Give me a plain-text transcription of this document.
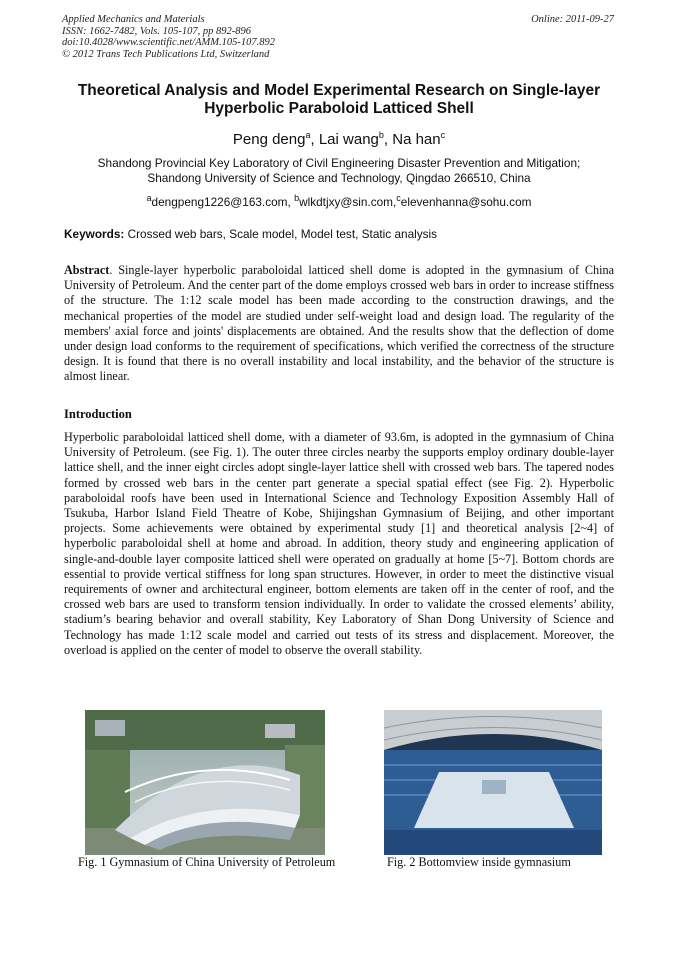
Applied Mechanics and Materials
ISSN: 1662-7482, Vols. 105-107, pp 892-896
doi:10.4028/www.scientific.net/AMM.105-107.892
© 2012 Trans Tech Publications Ltd, Switzerland
Online: 2011-09-27
Theoretical Analysis and Model Experimental Research on Single-layer
Hyperbolic Paraboloid Latticed Shell
Peng deng$^a$, Lai wang$^b$, Na han$^c$
Shandong Provincial Key Laboratory of Civil Engineering Disaster Prevention and Mitigation;
Shandong University of Science and Technology, Qingdao 266510, China
$^a$dengpeng1226@163.com, $^b$wlkdtjxy@sin.com,$^c$elevenhanna@sohu.com
Keywords: Crossed web bars, Scale model, Model test, Static analysis
Abstract. Single-layer hyperbolic paraboloidal latticed shell dome is adopted in the gymnasium of China University of Petroleum. And the center part of the dome employs crossed web bars in order to increase stiffness of the structure. The 1:12 scale model has been made according to the construction drawings, and the mechanical properties of the model are studied under self-weight load and design load. The regularity of the members' axial force and joints' displacements are obtained. And the results show that the deflection of dome under design load conforms to the requirement of specifications, which verified the correctness of the structure design. It is found that there is no overall instability and local instability, and the behavior of the structure is almost linear.
Introduction
Hyperbolic paraboloidal latticed shell dome, with a diameter of 93.6m, is adopted in the gymnasium of China University of Petroleum. (see Fig. 1). The outer three circles nearby the supports employ ordinary double-layer lattice shell, and the inner eight circles adopt single-layer lattice shell with crossed web bars. The tapered nodes formed by crossed web bars in the center part generate a special spatial effect (see Fig. 2). Hyperbolic paraboloidal roofs have been used in International Science and Technology Exposition Assembly Hall of Tsukuba, Harbor Island Field Theatre of Kobe, Shijingshan Gymnasium of Beijing, and other important projects. Some achievements were obtained by experimental study [1] and theoretical analysis [2~4] of hyperbolic paraboloidal shell at home and abroad. In addition, theory study and engineering application of single-and-double layer composite latticed shell were operated on gradually at home [5~7]. Bottom chords are essential to provide vertical stiffness for long span structures. However, in order to meet the distinctive visual requirements of owner and architectural engineer, bottom elements are taken off in the center of roof, and the crossed web bars are used to transform tension individually. In order to validate the crossed elements’ ability, stadium’s bearing behavior and overall stability, Key Laboratory of Shan Dong University of Science and Technology has made 1:12 scale model and carried out tests of its stress and displacement. Moreover, the overload is applied on the center of model to observe the overall stability.
Fig. 1 Gymnasium of China University of Petroleum	Fig. 2 Bottomview inside gymnasium
